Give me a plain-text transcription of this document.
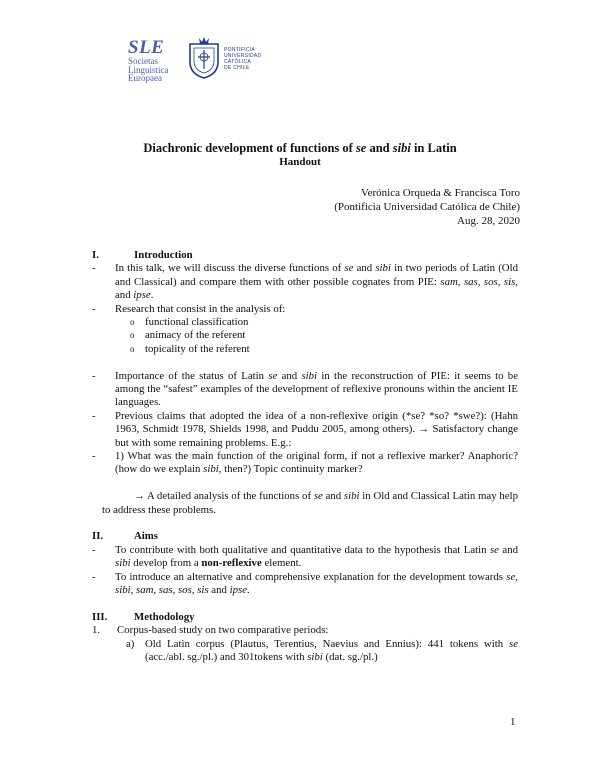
SLE
Societas
Linguistica
Europaea
PONTIFICIA
UNIVERSIDAD
CATÓLICA
DE CHILE
Diachronic development of functions of se and sibi in Latin
Handout
Verónica Orqueda & Francisca Toro
(Pontificia Universidad Católica de Chile)
Aug. 28, 2020
I.	Introduction
- In this talk, we will discuss the diverse functions of se and sibi in two periods of Latin (Old and Classical) and compare them with other possible cognates from PIE: sam, sas, sos, sis, and ipse.
- Research that consist in the analysis of:
o functional classification
o animacy of the referent
o topicality of the referent
- Importance of the status of Latin se and sibi in the reconstruction of PIE: it seems to be among the “safest” examples of the development of reflexive pronouns within the ancient IE languages.
- Previous claims that adopted the idea of a non-reflexive origin (*se? *so? *swe?): (Hahn 1963, Schmidt 1978, Shields 1998, and Puddu 2005, among others). → Satisfactory change but with some remaining problems. E.g.:
- 1) What was the main function of the original form, if not a reflexive marker? Anaphoric? (how do we explain sibi, then?) Topic continuity marker?
→ A detailed analysis of the functions of se and sibi in Old and Classical Latin may help to address these problems.
II.	Aims
- To contribute with both qualitative and quantitative data to the hypothesis that Latin se and sibi develop from a non-reflexive element.
- To introduce an alternative and comprehensive explanation for the development towards se, sibi, sam, sas, sos, sis and ipse.
III. Methodology
1. Corpus-based study on two comparative periods:
a) Old Latin corpus (Plautus, Terentius, Naevius and Ennius): 441 tokens with se (acc./abl. sg./pl.) and 301tokens with sibi (dat. sg./pl.)
1
